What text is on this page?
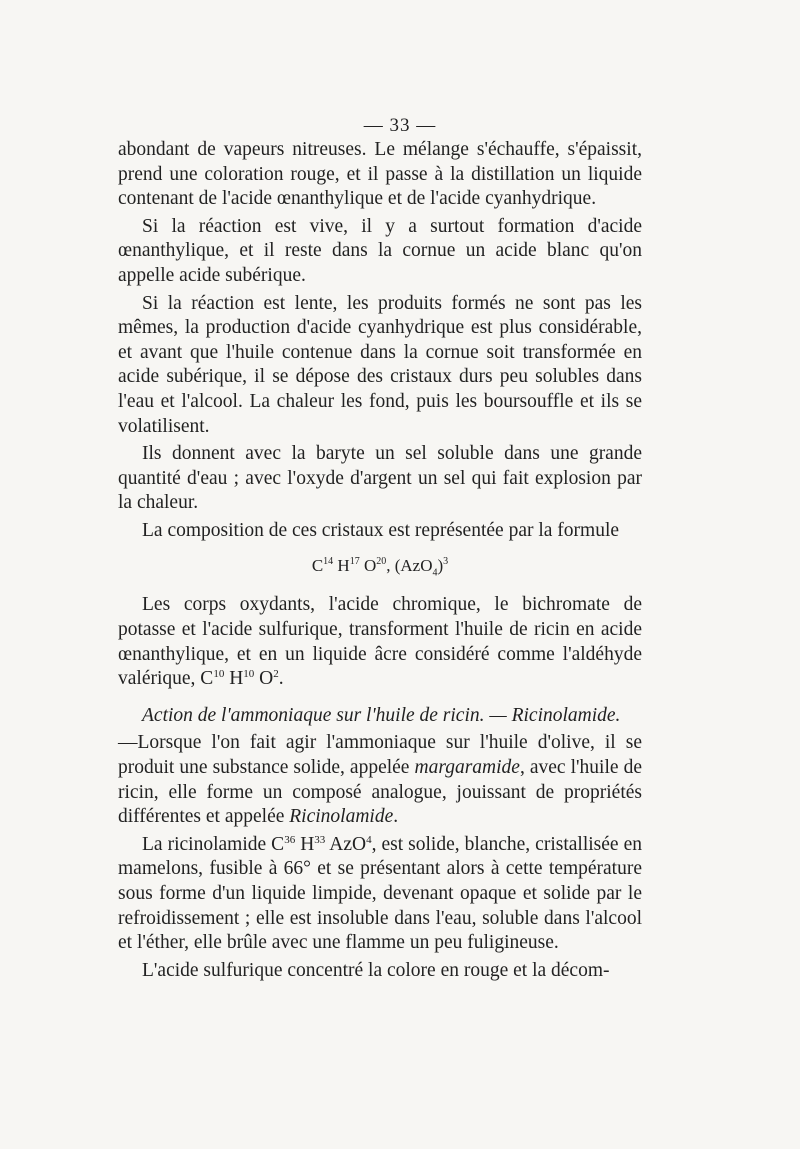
— 33 —

abondant de vapeurs nitreuses. Le mélange s'échauffe, s'épaissit, prend une coloration rouge, et il passe à la distillation un liquide contenant de l'acide œnanthylique et de l'acide cyanhydrique.

Si la réaction est vive, il y a surtout formation d'acide œnanthylique, et il reste dans la cornue un acide blanc qu'on appelle acide subérique.

Si la réaction est lente, les produits formés ne sont pas les mêmes, la production d'acide cyanhydrique est plus considérable, et avant que l'huile contenue dans la cornue soit transformée en acide subérique, il se dépose des cristaux durs peu solubles dans l'eau et l'alcool. La chaleur les fond, puis les boursouffle et ils se volatilisent.

Ils donnent avec la baryte un sel soluble dans une grande quantité d'eau ; avec l'oxyde d'argent un sel qui fait explosion par la chaleur.

La composition de ces cristaux est représentée par la formule

$C^{14}$ $H^{17}$ $O^{20}$, $(AzO_4)^3$

Les corps oxydants, l'acide chromique, le bichromate de potasse et l'acide sulfurique, transforment l'huile de ricin en acide œnanthylique, et en un liquide âcre considéré comme l'aldéhyde valérique, $C^{10}$ $H^{10}$ $O^2$.

Action de l'ammoniaque sur l'huile de ricin. — Ricinolamide.

—Lorsque l'on fait agir l'ammoniaque sur l'huile d'olive, il se produit une substance solide, appelée margaramide, avec l'huile de ricin, elle forme un composé analogue, jouissant de propriétés différentes et appelée Ricinolamide.

La ricinolamide $C^{36}$ $H^{33}$ AzO$^4$, est solide, blanche, cristallisée en mamelons, fusible à 66° et se présentant alors à cette température sous forme d'un liquide limpide, devenant opaque et solide par le refroidissement ; elle est insoluble dans l'eau, soluble dans l'alcool et l'éther, elle brûle avec une flamme un peu fuligineuse.

L'acide sulfurique concentré la colore en rouge et la décom-
